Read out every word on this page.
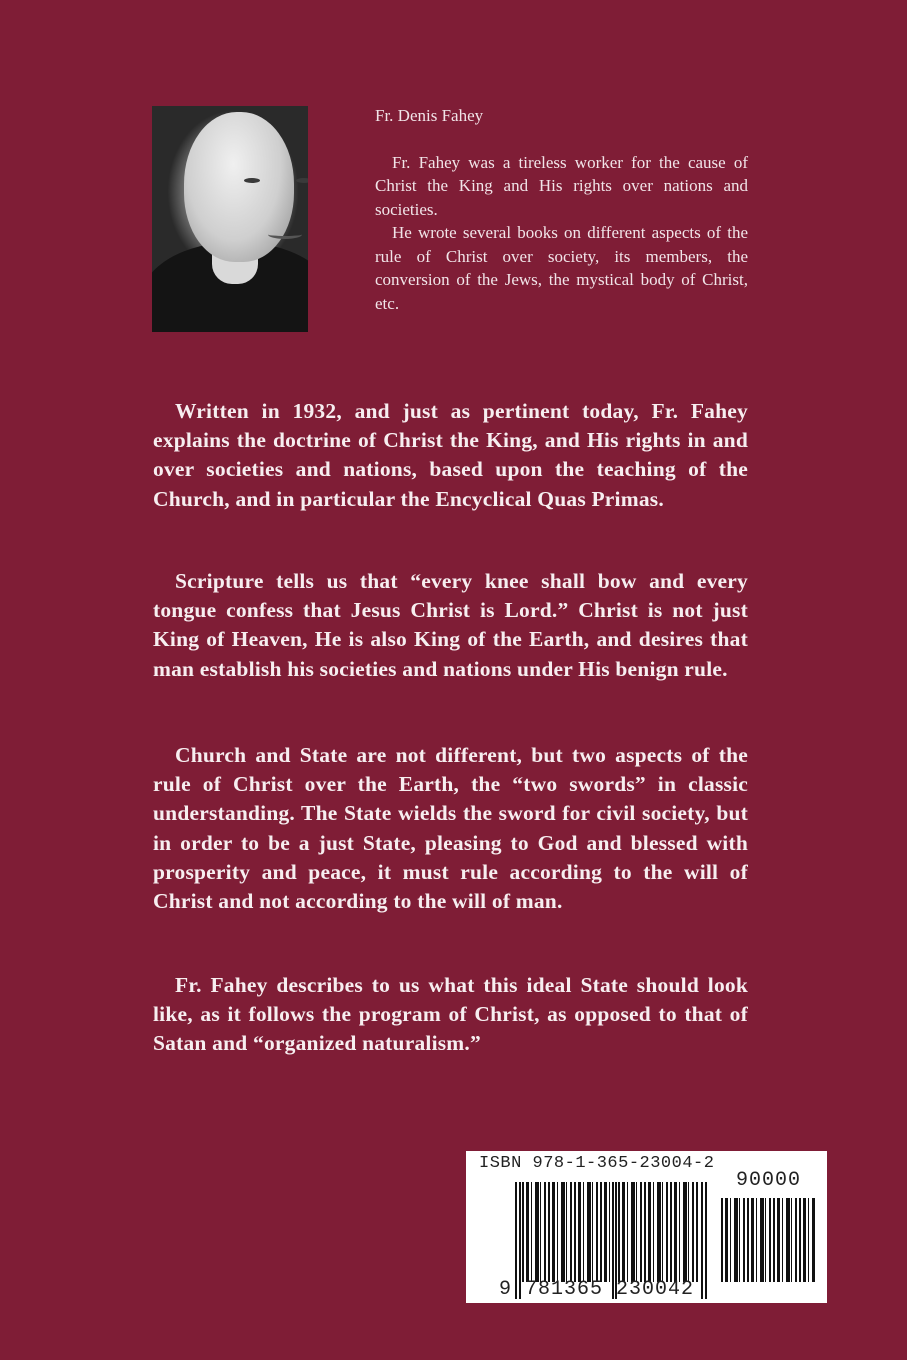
Fr. Denis Fahey

Fr. Fahey was a tireless worker for the cause of Christ the King and His rights over nations and societies.

He wrote several books on different aspects of the rule of Christ over society, its members, the conversion of the Jews, the mystical body of Christ, etc.

Written in 1932, and just as pertinent today, Fr. Fahey explains the doctrine of Christ the King, and His rights in and over societies and nations, based upon the teaching of the Church, and in particular the Encyclical Quas Primas.

Scripture tells us that “every knee shall bow and every tongue confess that Jesus Christ is Lord.” Christ is not just King of Heaven, He is also King of the Earth, and desires that man establish his societies and nations under His benign rule.

Church and State are not different, but two aspects of the rule of Christ over the Earth, the “two swords” in classic understanding. The State wields the sword for civil society, but in order to be a just State, pleasing to God and blessed with prosperity and peace, it must rule according to the will of Christ and not according to the will of man.

Fr. Fahey describes to us what this ideal State should look like, as it follows the program of Christ, as opposed to that of Satan and “organized naturalism.”

ISBN 978-1-365-23004-2
90000
9 781365 230042
